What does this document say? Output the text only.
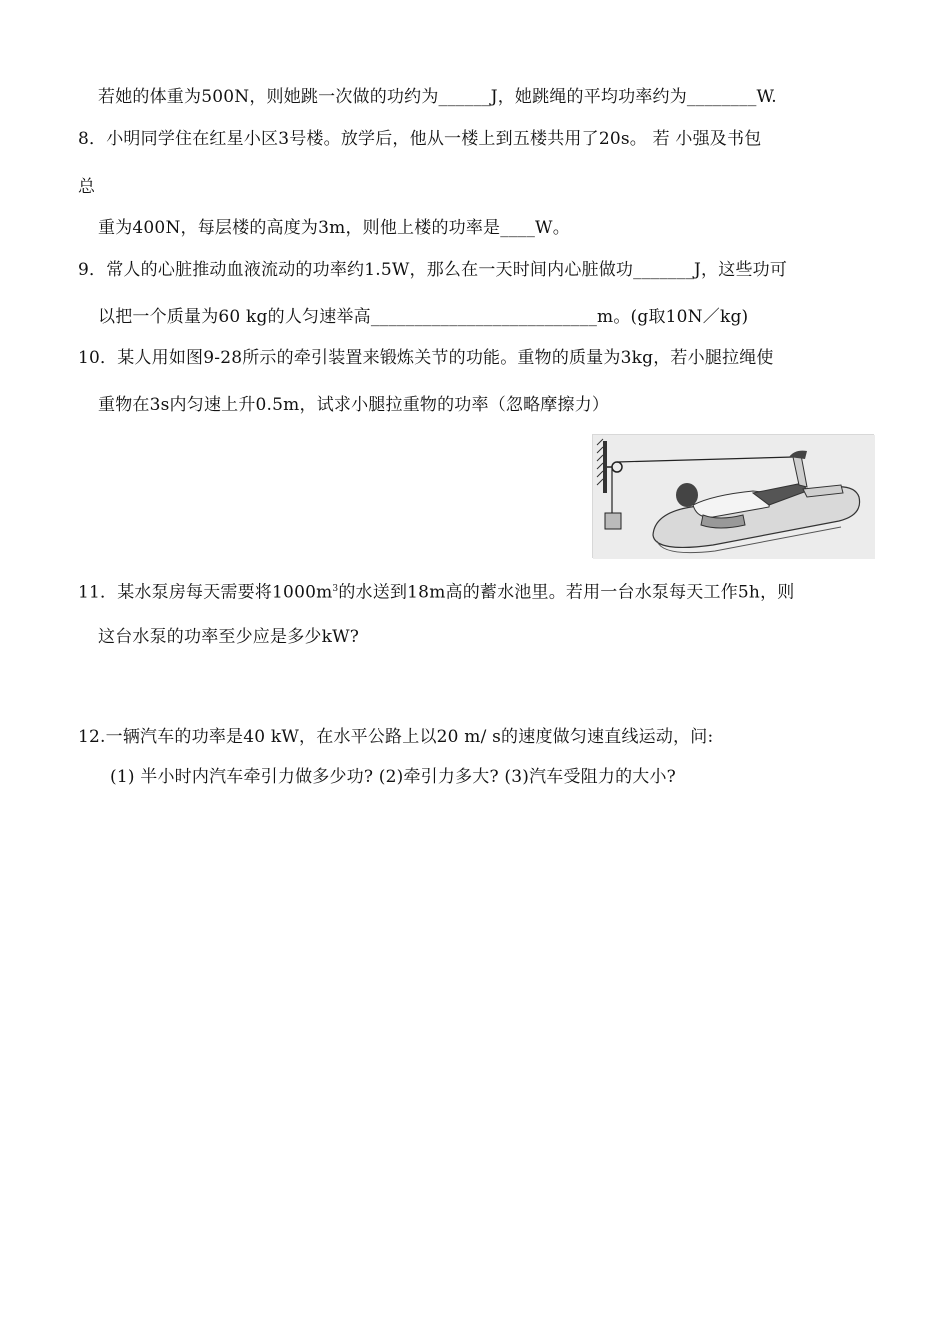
若她的体重为500N，则她跳一次做的功约为______J，她跳绳的平均功率约为________W.
8．小明同学住在红星小区3号楼。放学后，他从一楼上到五楼共用了20s。 若 小强及书包
总
重为400N，每层楼的高度为3m，则他上楼的功率是____W。
9．常人的心脏推动血液流动的功率约1.5W，那么在一天时间内心脏做功_______J，这些功可
以把一个质量为60 kg的人匀速举高__________________________m。(g取10N／kg)
10．某人用如图9-28所示的牵引装置来锻炼关节的功能。重物的质量为3kg，若小腿拉绳使
重物在3s内匀速上升0.5m，试求小腿拉重物的功率（忽略摩擦力）
11．某水泵房每天需要将$1000m^3$的水送到18m高的蓄水池里。若用一台水泵每天工作5h，则
这台水泵的功率至少应是多少kW?
12.一辆汽车的功率是40 kW，在水平公路上以20 m/ s的速度做匀速直线运动，问:
(1) 半小时内汽车牵引力做多少功? (2)牵引力多大? (3)汽车受阻力的大小?
